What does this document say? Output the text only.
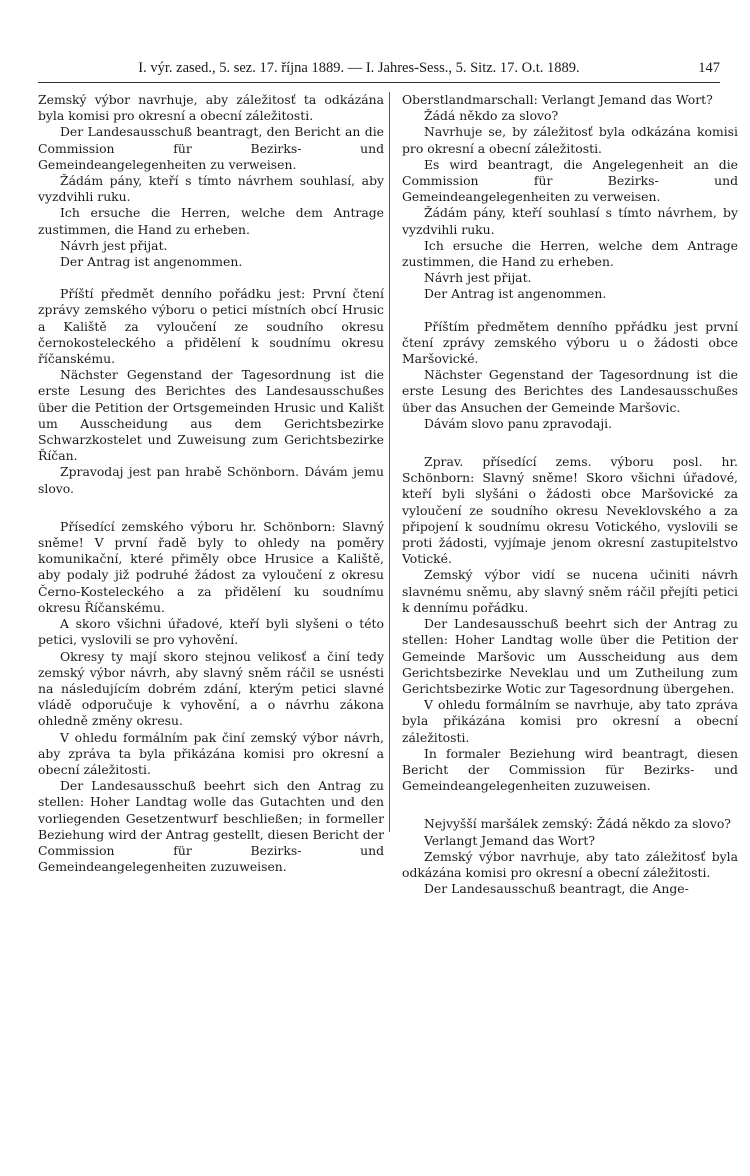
I. výr. zased., 5. sez. 17. října 1889. — I. Jahres-Sess., 5. Sitz. 17. O.t. 1889.	147

Zemský výbor navrhuje, aby záležitosť ta odkázána byla komisi pro okresní a obecní záležitosti.

Der Landesausschuß beantragt, den Bericht an die Commission für Bezirks- und Gemeindeangelegenheiten zu verweisen.

Žádám pány, kteří s tímto návrhem souhlasí, aby vyzdvihli ruku.

Ich ersuche die Herren, welche dem Antrage zustimmen, die Hand zu erheben.

Návrh jest přijat.

Der Antrag ist angenommen.

Příští předmět denního pořádku jest: První čtení zprávy zemského výboru o petici místních obcí Hrusic a Kaliště za vyloučení ze soudního okresu černokosteleckého a přidělení k soudnímu okresu říčanskému.

Nächster Gegenstand der Tagesordnung ist die erste Lesung des Berichtes des Landesausschußes über die Petition der Ortsgemeinden Hrusic und Kališt um Ausscheidung aus dem Gerichtsbezirke Schwarzkostelet und Zuweisung zum Gerichtsbezirke Říčan.

Zpravodaj jest pan hrabě Schönborn. Dávám jemu slovo.

Přísedící zemského výboru hr. Schönborn: Slavný sněme! V první řadě byly to ohledy na poměry komunikační, které přiměly obce Hrusice a Kaliště, aby podaly již podruhé žádost za vyloučení z okresu Černo-Kosteleckého a za přidělení ku soudnímu okresu Říčanskému.

A skoro všichni úřadové, kteří byli slyšeni o této petici, vyslovili se pro vyhovění.

Okresy ty mají skoro stejnou velikosť a činí tedy zemský výbor návrh, aby slavný sněm ráčil se usnésti na následujícím dobrém zdání, kterým petici slavné vládě odporučuje k vyhovění, a o návrhu zákona ohledně změny okresu.

V ohledu formálním pak činí zemský výbor návrh, aby zpráva ta byla přikázána komisi pro okresní a obecní záležitosti.

Der Landesausschuß beehrt sich den Antrag zu stellen: Hoher Landtag wolle das Gutachten und den vorliegenden Gesetzentwurf beschließen; in formeller Beziehung wird der Antrag gestellt, diesen Bericht der Commission für Bezirks- und Gemeindeangelegenheiten zuzuweisen.

Oberstlandmarschall: Verlangt Jemand das Wort?

Žádá někdo za slovo?

Navrhuje se, by záležitosť byla odkázána komisi pro okresní a obecní záležitosti.

Es wird beantragt, die Angelegenheit an die Commission für Bezirks- und Gemeindeangelegenheiten zu verweisen.

Žádám pány, kteří souhlasí s tímto návrhem, by vyzdvihli ruku.

Ich ersuche die Herren, welche dem Antrage zustimmen, die Hand zu erheben.

Návrh jest přijat.

Der Antrag ist angenommen.

Příštím předmětem denního ppřádku jest první čtení zprávy zemského výboru u o žádosti obce Maršovické.

Nächster Gegenstand der Tagesordnung ist die erste Lesung des Berichtes des Landesausschußes über das Ansuchen der Gemeinde Maršovic.

Dávám slovo panu zpravodaji.

Zprav. přísedící zems. výboru posl. hr. Schönborn: Slavný sněme! Skoro všichni úřadové, kteří byli slyšáni o žádosti obce Maršovické za vyloučení ze soudního okresu Neveklovského a za připojení k soudnímu okresu Votického, vyslovili se proti žádosti, vyjímaje jenom okresní zastupitelstvo Votické.

Zemský výbor vidí se nucena učiniti návrh slavnému sněmu, aby slavný sněm ráčil přejíti petici k dennímu pořádku.

Der Landesausschuß beehrt sich der Antrag zu stellen: Hoher Landtag wolle über die Petition der Gemeinde Maršovic um Ausscheidung aus dem Gerichtsbezirke Neveklau und um Zutheilung zum Gerichtsbezirke Wotic zur Tagesordnung übergehen.

V ohledu formálním se navrhuje, aby tato zpráva byla přikázána komisi pro okresní a obecní záležitosti.

In formaler Beziehung wird beantragt, diesen Bericht der Commission für Bezirks- und Gemeindeangelegenheiten zuzuweisen.

Nejvyšší maršálek zemský: Žádá někdo za slovo?

Verlangt Jemand das Wort?

Zemský výbor navrhuje, aby tato záležitosť byla odkázána komisi pro okresní a obecní záležitosti.

Der Landesausschuß beantragt, die Ange-
